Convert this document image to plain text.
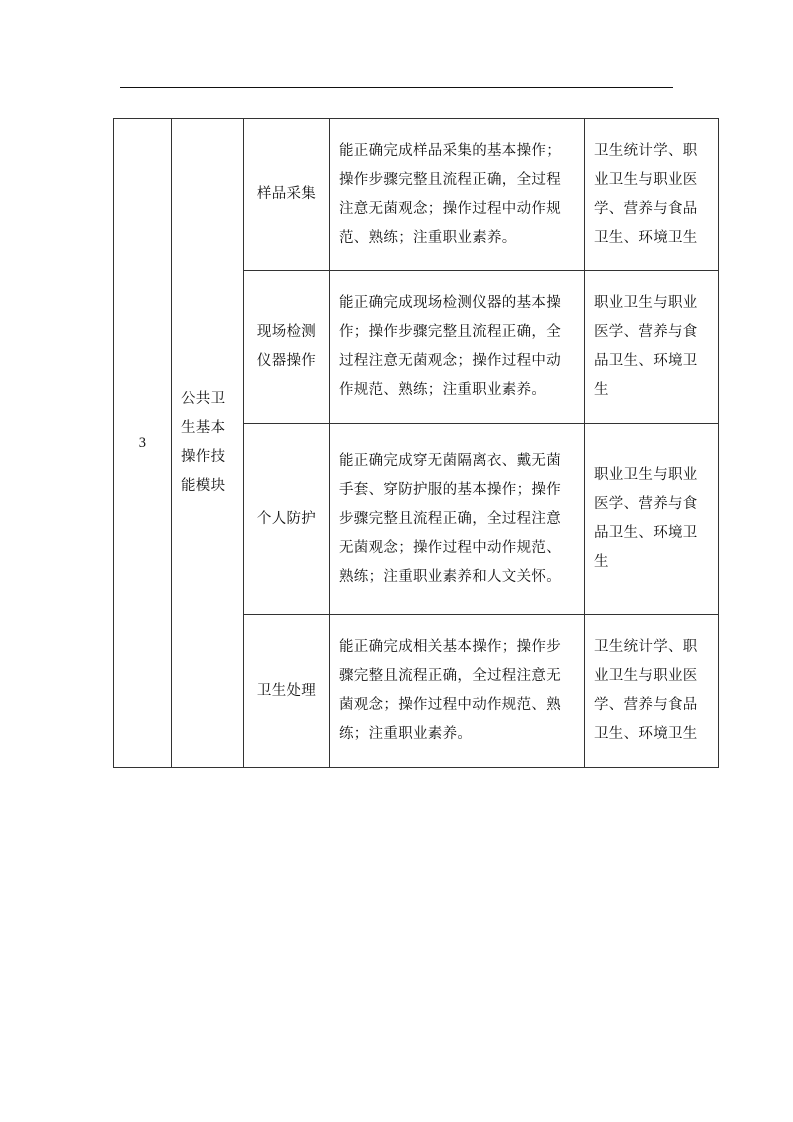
3	公共卫
生基本
操作技
能模块	样品采集	能正确完成样品采集的基本操作；操作步骤完整且流程正确，全过程注意无菌观念；操作过程中动作规范、熟练；注重职业素养。	卫生统计学、职业卫生与职业医学、营养与食品卫生、环境卫生

		现场检测
仪器操作	能正确完成现场检测仪器的基本操作；操作步骤完整且流程正确，全过程注意无菌观念；操作过程中动作规范、熟练；注重职业素养。	职业卫生与职业医学、营养与食品卫生、环境卫生

		个人防护	能正确完成穿无菌隔离衣、戴无菌手套、穿防护服的基本操作；操作步骤完整且流程正确，全过程注意无菌观念；操作过程中动作规范、熟练；注重职业素养和人文关怀。	职业卫生与职业医学、营养与食品卫生、环境卫生

		卫生处理	能正确完成相关基本操作；操作步骤完整且流程正确，全过程注意无菌观念；操作过程中动作规范、熟练；注重职业素养。	卫生统计学、职业卫生与职业医学、营养与食品卫生、环境卫生
